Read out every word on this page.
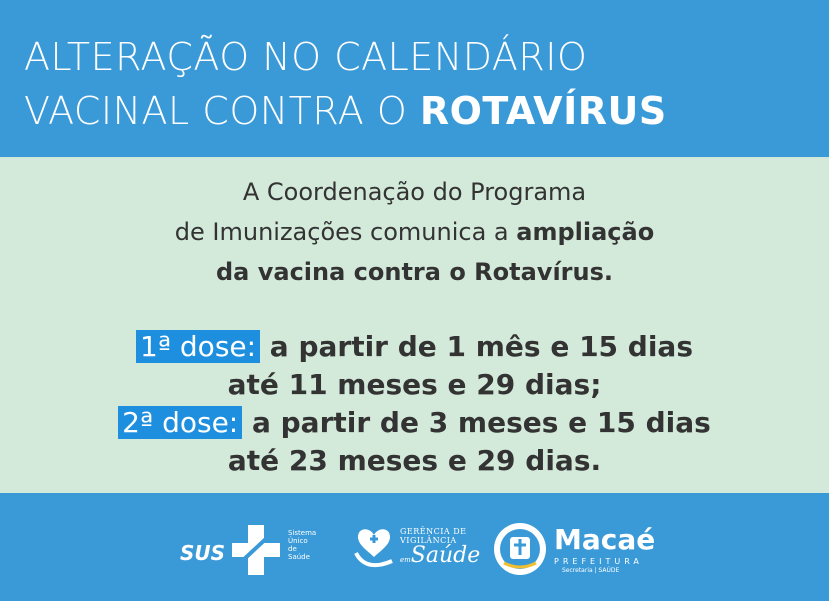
ALTERAÇÃO NO CALENDÁRIO
VACINAL CONTRA O ROTAVÍRUS
A Coordenação do Programa
de Imunizações comunica a ampliação
da vacina contra o Rotavírus.
1ª dose: a partir de 1 mês e 15 dias
até 11 meses e 29 dias;
2ª dose: a partir de 3 meses e 15 dias
até 23 meses e 29 dias.
SUS
Sistema
Único
de
Saúde
GERÊNCIA DE
VIGILÂNCIA
emSaúde	Macaé
PREFEITURA
Secretaria | SAÚDE
